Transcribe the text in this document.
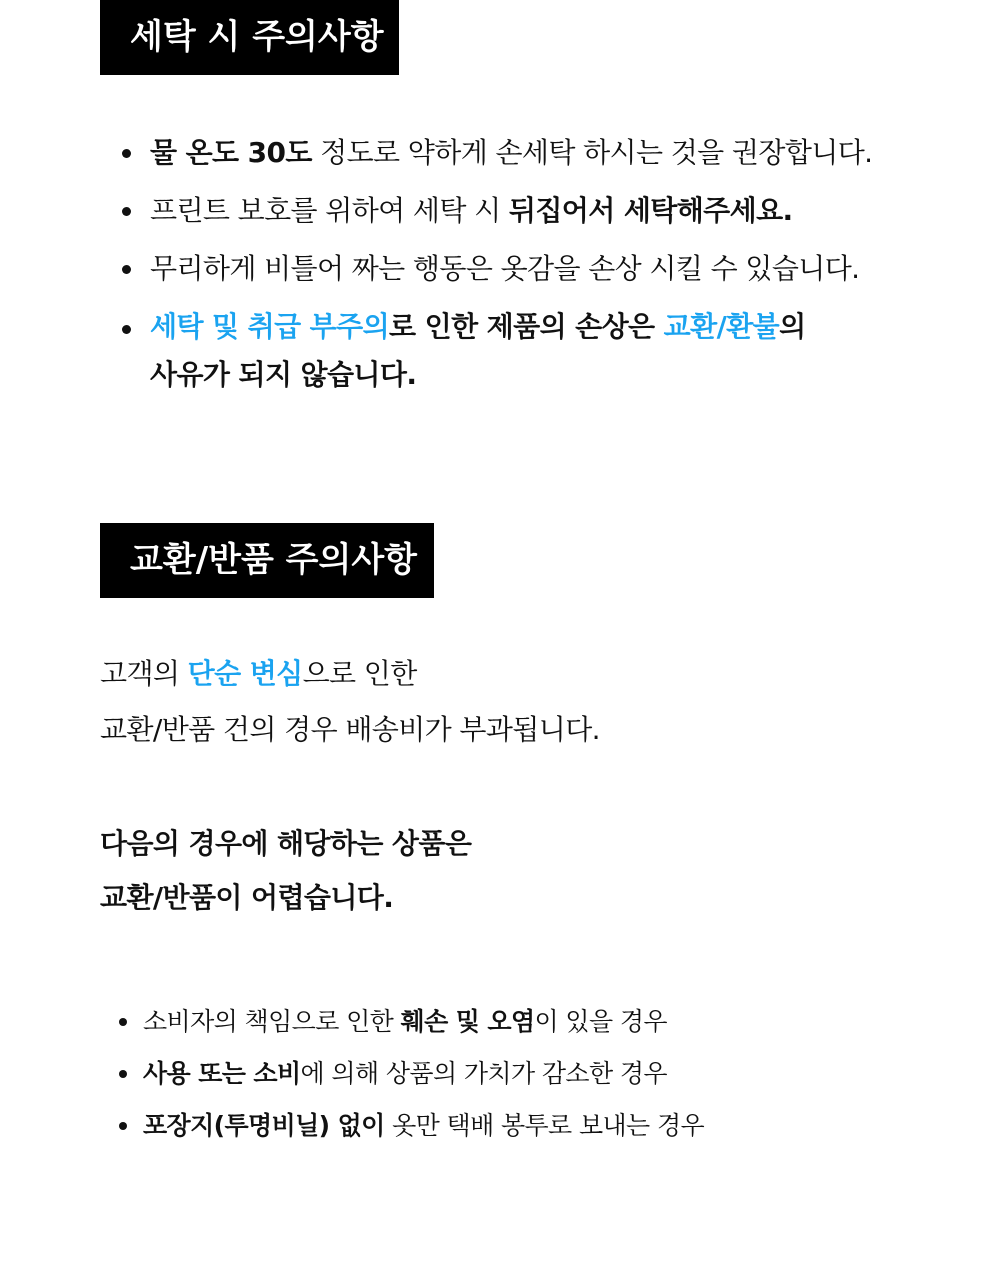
세탁 시 주의사항
물 온도 30도 정도로 약하게 손세탁 하시는 것을 권장합니다.
프린트 보호를 위하여 세탁 시 뒤집어서 세탁해주세요.
무리하게 비틀어 짜는 행동은 옷감을 손상 시킬 수 있습니다.
세탁 및 취급 부주의로 인한 제품의 손상은 교환/환불의
사유가 되지 않습니다.
교환/반품 주의사항

고객의 단순 변심으로 인한

교환/반품 건의 경우 배송비가 부과됩니다.

다음의 경우에 해당하는 상품은

교환/반품이 어렵습니다.

소비자의 책임으로 인한 훼손 및 오염이 있을 경우
사용 또는 소비에 의해 상품의 가치가 감소한 경우
포장지(투명비닐) 없이 옷만 택배 봉투로 보내는 경우
